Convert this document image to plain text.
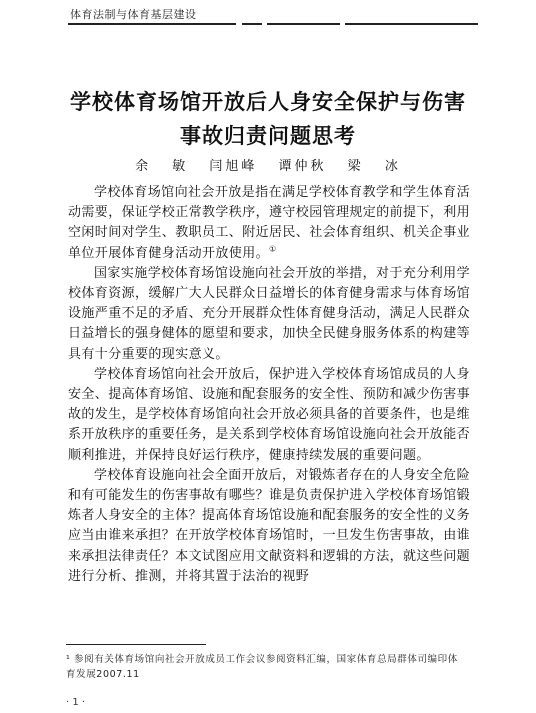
体育法制与体育基层建设
学校体育场馆开放后人身安全保护与伤害
事故归责问题思考
余 敏 闫旭峰 谭仲秋 梁 冰

学校体育场馆向社会开放是指在满足学校体育教学和学生体育活动需要，保证学校正常教学秩序，遵守校园管理规定的前提下，利用空闲时间对学生、教职员工、附近居民、社会体育组织、机关企事业单位开展体育健身活动开放使用。①

国家实施学校体育场馆设施向社会开放的举措，对于充分利用学校体育资源，缓解广大人民群众日益增长的体育健身需求与体育场馆设施严重不足的矛盾、充分开展群众性体育健身活动，满足人民群众日益增长的强身健体的愿望和要求，加快全民健身服务体系的构建等具有十分重要的现实意义。

学校体育场馆向社会开放后，保护进入学校体育场馆成员的人身安全、提高体育场馆、设施和配套服务的安全性、预防和减少伤害事故的发生，是学校体育场馆向社会开放必须具备的首要条件，也是维系开放秩序的重要任务，是关系到学校体育场馆设施向社会开放能否顺利推进，并保持良好运行秩序，健康持续发展的重要问题。

学校体育设施向社会全面开放后，对锻炼者存在的人身安全危险和有可能发生的伤害事故有哪些？谁是负责保护进入学校体育场馆锻炼者人身安全的主体？提高体育场馆设施和配套服务的安全性的义务应当由谁来承担？在开放学校体育场馆时，一旦发生伤害事故，由谁来承担法律责任？本文试图应用文献资料和逻辑的方法，就这些问题进行分析、推测，并将其置于法治的视野

¹ 参阅有关体育场馆向社会开放成员工作会议参阅资料汇编，国家体育总局群体司编印体育发展2007.11
· 1 ·
